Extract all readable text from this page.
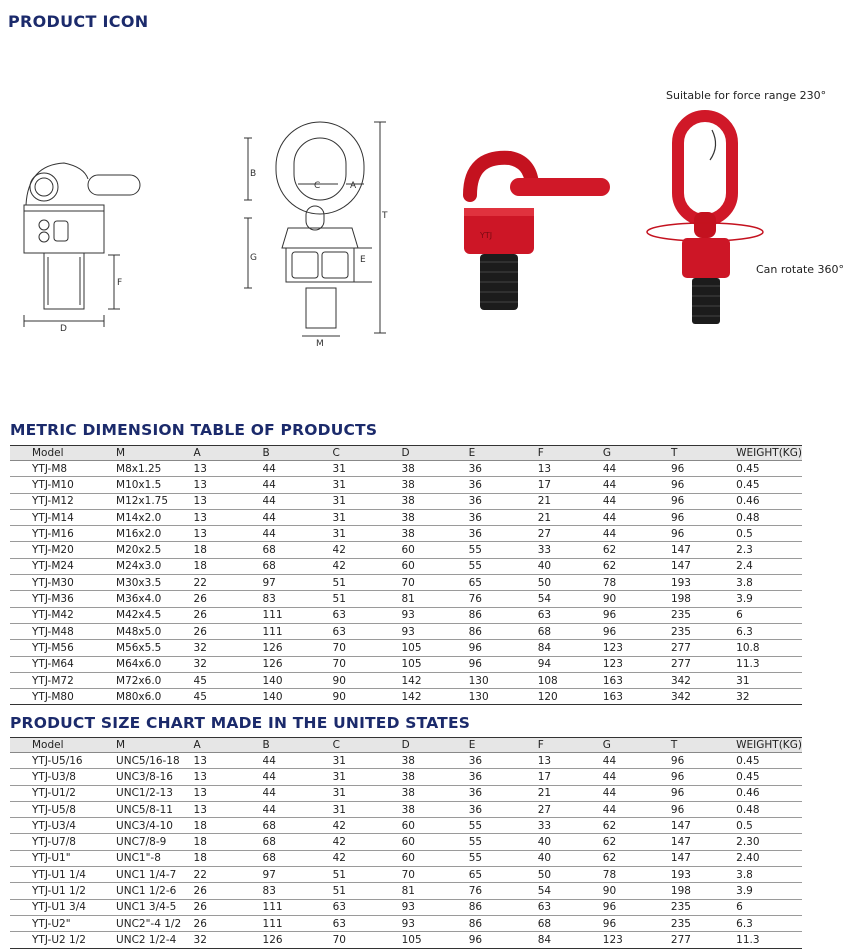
PRODUCT ICON
D
F
B
G
T
C	A
E
M
YTJ
Suitable for force range 230°
Can rotate 360°
METRIC DIMENSION TABLE OF PRODUCTS
Model	M	A	B	C	D	E	F	G	T	WEIGHT(KG)
YTJ-M8	M8x1.25	13	44	31	38	36	13	44	96	0.45
YTJ-M10	M10x1.5	13	44	31	38	36	17	44	96	0.45
YTJ-M12	M12x1.75	13	44	31	38	36	21	44	96	0.46
YTJ-M14	M14x2.0	13	44	31	38	36	21	44	96	0.48
YTJ-M16	M16x2.0	13	44	31	38	36	27	44	96	0.5
YTJ-M20	M20x2.5	18	68	42	60	55	33	62	147	2.3
YTJ-M24	M24x3.0	18	68	42	60	55	40	62	147	2.4
YTJ-M30	M30x3.5	22	97	51	70	65	50	78	193	3.8
YTJ-M36	M36x4.0	26	83	51	81	76	54	90	198	3.9
YTJ-M42	M42x4.5	26	111	63	93	86	63	96	235	6
YTJ-M48	M48x5.0	26	111	63	93	86	68	96	235	6.3
YTJ-M56	M56x5.5	32	126	70	105	96	84	123	277	10.8
YTJ-M64	M64x6.0	32	126	70	105	96	94	123	277	11.3
YTJ-M72	M72x6.0	45	140	90	142	130	108	163	342	31
YTJ-M80	M80x6.0	45	140	90	142	130	120	163	342	32
PRODUCT SIZE CHART MADE IN THE UNITED STATES
Model	M	A	B	C	D	E	F	G	T	WEIGHT(KG)
YTJ-U5/16	UNC5/16-18	13	44	31	38	36	13	44	96	0.45
YTJ-U3/8	UNC3/8-16	13	44	31	38	36	17	44	96	0.45
YTJ-U1/2	UNC1/2-13	13	44	31	38	36	21	44	96	0.46
YTJ-U5/8	UNC5/8-11	13	44	31	38	36	27	44	96	0.48
YTJ-U3/4	UNC3/4-10	18	68	42	60	55	33	62	147	0.5
YTJ-U7/8	UNC7/8-9	18	68	42	60	55	40	62	147	2.30
YTJ-U1"	UNC1"-8	18	68	42	60	55	40	62	147	2.40
YTJ-U1 1/4	UNC1 1/4-7	22	97	51	70	65	50	78	193	3.8
YTJ-U1 1/2	UNC1 1/2-6	26	83	51	81	76	54	90	198	3.9
YTJ-U1 3/4	UNC1 3/4-5	26	111	63	93	86	63	96	235	6
YTJ-U2"	UNC2"-4 1/2	26	111	63	93	86	68	96	235	6.3
YTJ-U2 1/2	UNC2 1/2-4	32	126	70	105	96	84	123	277	11.3
